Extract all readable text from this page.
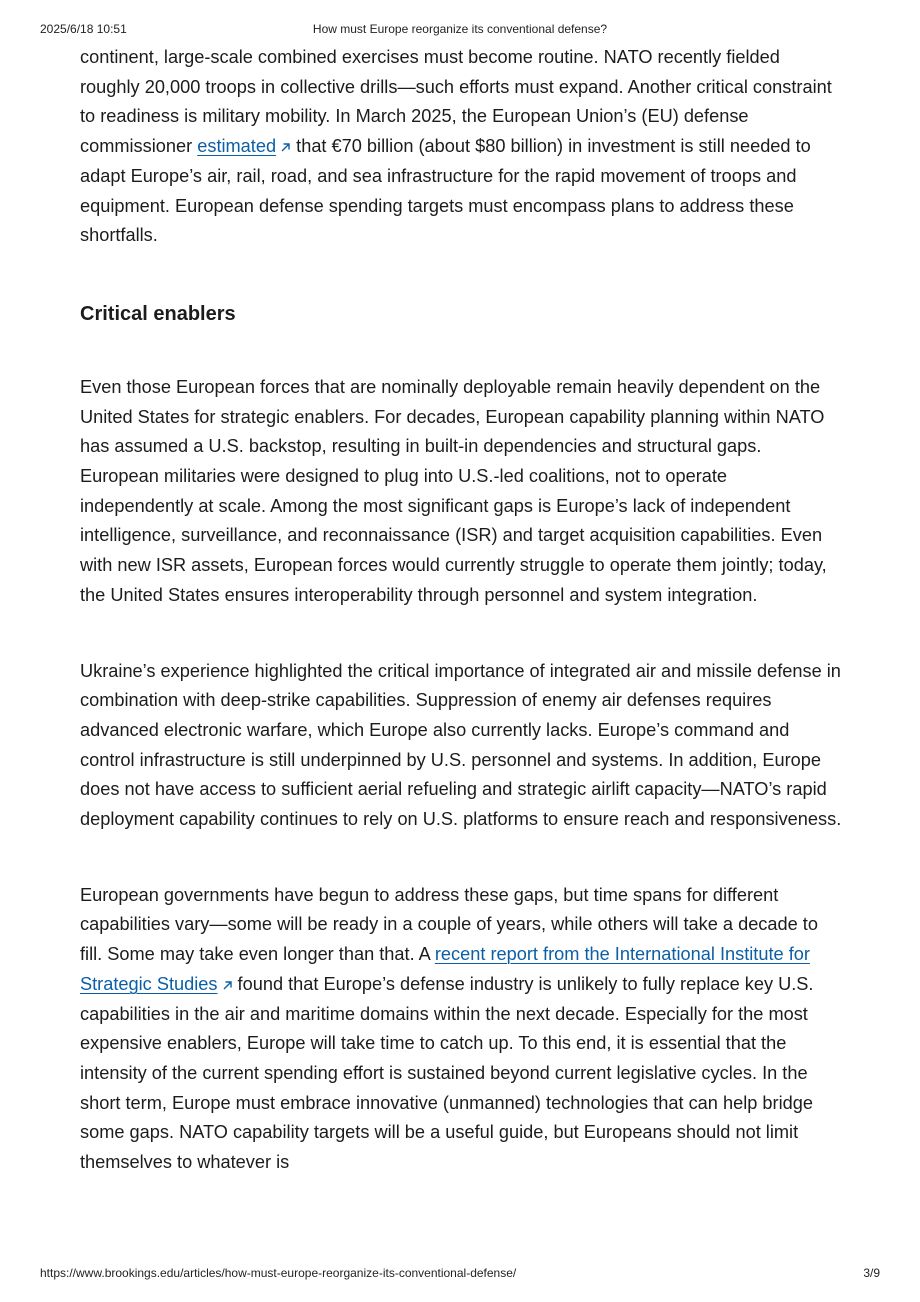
2025/6/18 10:51	How must Europe reorganize its conventional defense?

continent, large-scale combined exercises must become routine. NATO recently fielded roughly 20,000 troops in collective drills—such efforts must expand. Another critical constraint to readiness is military mobility. In March 2025, the European Union’s (EU) defense commissioner estimated that €70 billion (about $80 billion) in investment is still needed to adapt Europe’s air, rail, road, and sea infrastructure for the rapid movement of troops and equipment. European defense spending targets must encompass plans to address these shortfalls.

Critical enablers

Even those European forces that are nominally deployable remain heavily dependent on the United States for strategic enablers. For decades, European capability planning within NATO has assumed a U.S. backstop, resulting in built-in dependencies and structural gaps. European militaries were designed to plug into U.S.-led coalitions, not to operate independently at scale. Among the most significant gaps is Europe’s lack of independent intelligence, surveillance, and reconnaissance (ISR) and target acquisition capabilities. Even with new ISR assets, European forces would currently struggle to operate them jointly; today, the United States ensures interoperability through personnel and system integration.

Ukraine’s experience highlighted the critical importance of integrated air and missile defense in combination with deep-strike capabilities. Suppression of enemy air defenses requires advanced electronic warfare, which Europe also currently lacks. Europe’s command and control infrastructure is still underpinned by U.S. personnel and systems. In addition, Europe does not have access to sufficient aerial refueling and strategic airlift capacity—NATO’s rapid deployment capability continues to rely on U.S. platforms to ensure reach and responsiveness.

European governments have begun to address these gaps, but time spans for different capabilities vary—some will be ready in a couple of years, while others will take a decade to fill. Some may take even longer than that. A recent report from the International Institute for Strategic Studies found that Europe’s defense industry is unlikely to fully replace key U.S. capabilities in the air and maritime domains within the next decade. Especially for the most expensive enablers, Europe will take time to catch up. To this end, it is essential that the intensity of the current spending effort is sustained beyond current legislative cycles. In the short term, Europe must embrace innovative (unmanned) technologies that can help bridge some gaps. NATO capability targets will be a useful guide, but Europeans should not limit themselves to whatever is

https://www.brookings.edu/articles/how-must-europe-reorganize-its-conventional-defense/	3/9
